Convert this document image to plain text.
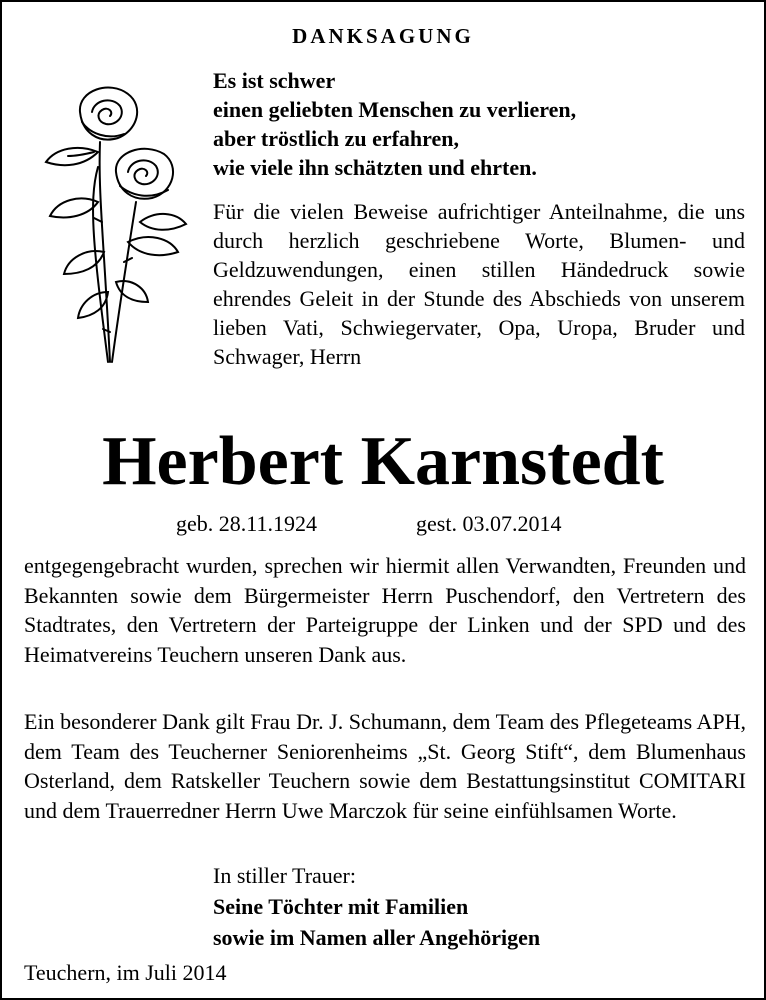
DANKSAGUNG
Es ist schwer
einen geliebten Menschen zu verlieren,
aber tröstlich zu erfahren,
wie viele ihn schätzten und ehrten.
Für die vielen Beweise aufrichtiger Anteilnahme, die uns durch herzlich geschriebene Worte, Blumen- und Geldzuwendungen, einen stillen Händedruck sowie ehrendes Geleit in der Stunde des Abschieds von unserem lieben Vati, Schwiegervater, Opa, Uropa, Bruder und Schwager, Herrn
Herbert Karnstedt
geb. 28.11.1924	gest. 03.07.2014
entgegengebracht wurden, sprechen wir hiermit allen Verwandten, Freunden und Bekannten sowie dem Bürgermeister Herrn Puschendorf, den Vertretern des Stadtrates, den Vertretern der Parteigruppe der Linken und der SPD und des Heimatvereins Teuchern unseren Dank aus.
Ein besonderer Dank gilt Frau Dr. J. Schumann, dem Team des Pflegeteams APH, dem Team des Teucherner Seniorenheims „St. Georg Stift“, dem Blumenhaus Osterland, dem Ratskeller Teuchern sowie dem Bestattungsinstitut COMITARI und dem Trauerredner Herrn Uwe Marczok für seine einfühlsamen Worte.
In stiller Trauer:
Seine Töchter mit Familien
sowie im Namen aller Angehörigen
Teuchern, im Juli 2014
